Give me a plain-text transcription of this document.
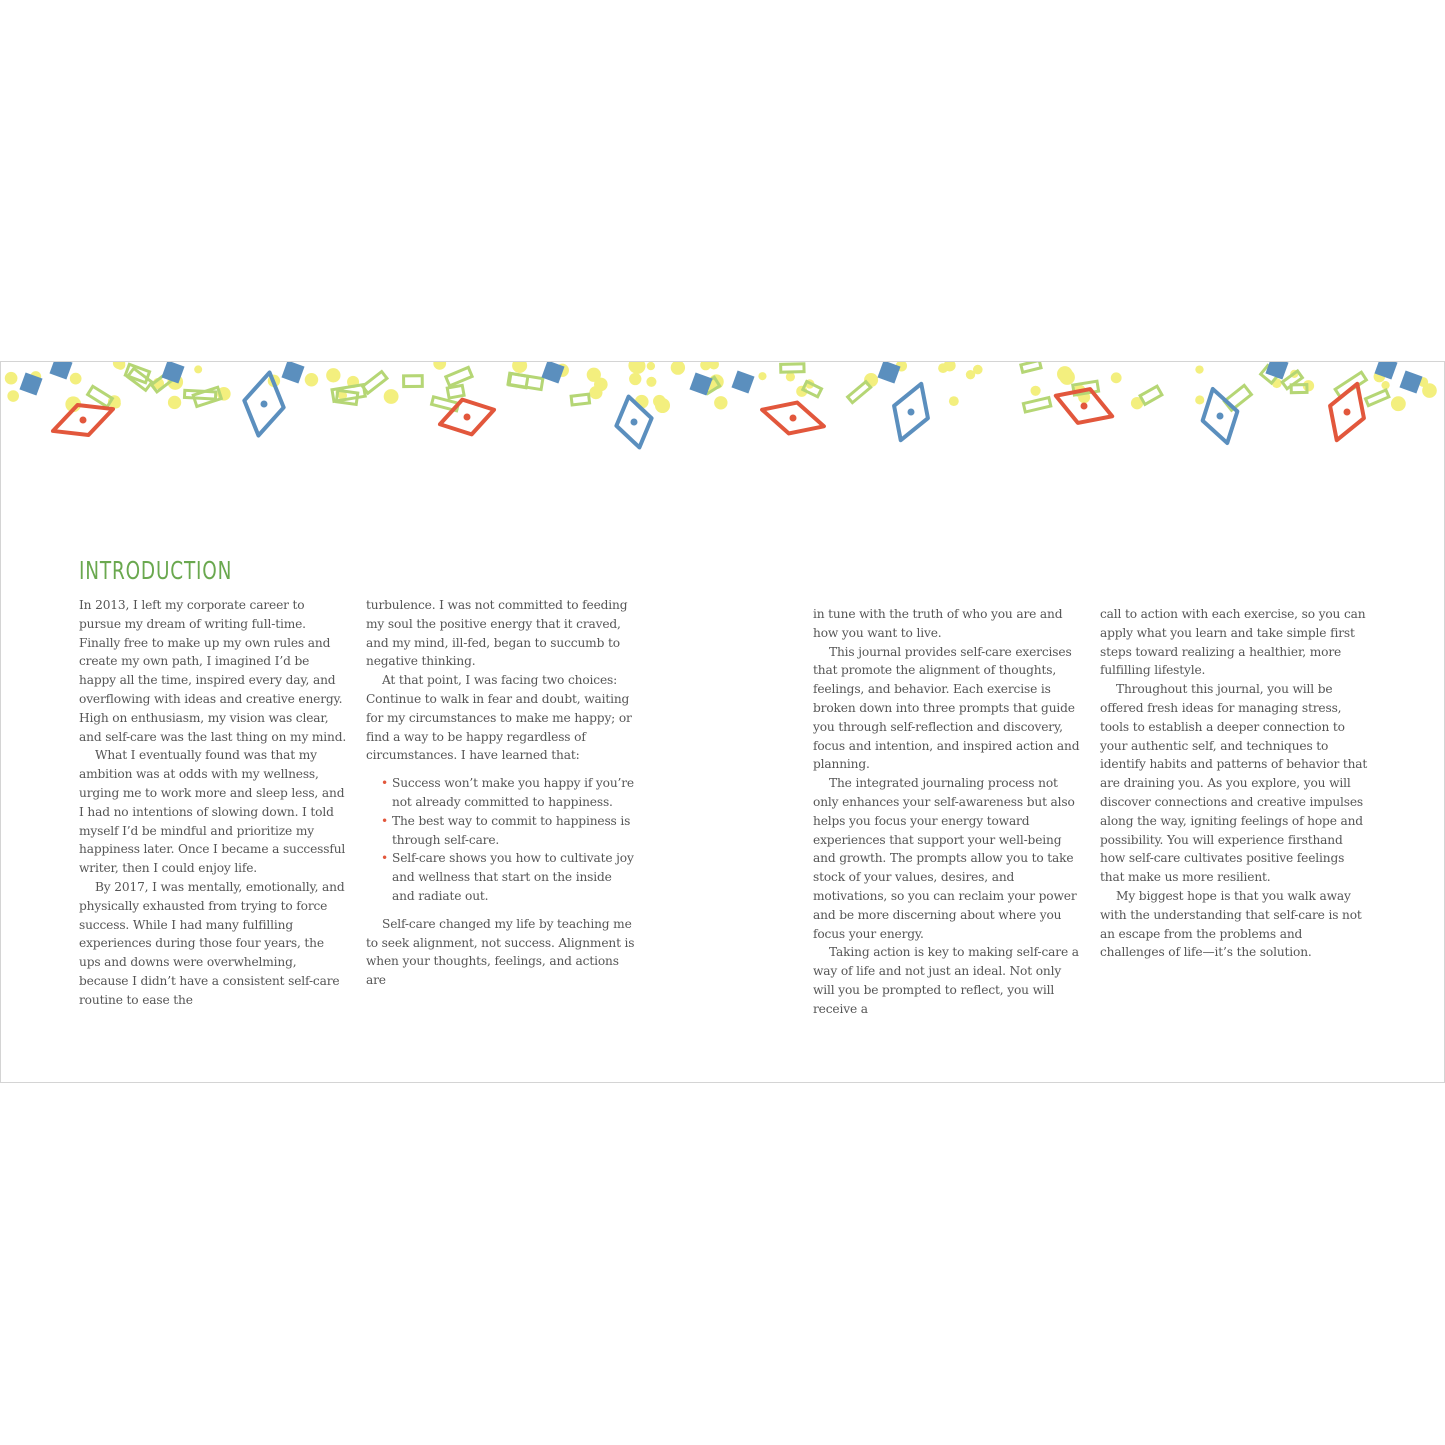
INTRODUCTION

In 2013, I left my corporate career to pursue my dream of writing full-time. Finally free to make up my own rules and create my own path, I imagined I’d be happy all the time, inspired every day, and overflowing with ideas and creative energy. High on enthusiasm, my vision was clear, and self-care was the last thing on my mind.

What I eventually found was that my ambition was at odds with my wellness, urging me to work more and sleep less, and I had no intentions of slowing down. I told myself I’d be mindful and prioritize my happiness later. Once I became a successful writer, then I could enjoy life.

By 2017, I was mentally, emotionally, and physically exhausted from trying to force success. While I had many fulfilling experiences during those four years, the ups and downs were overwhelming, because I didn’t have a consistent self-care routine to ease the

turbulence. I was not committed to feeding my soul the positive energy that it craved, and my mind, ill-fed, began to succumb to negative thinking.

At that point, I was facing two choices: Continue to walk in fear and doubt, waiting for my circumstances to make me happy; or find a way to be happy regardless of circumstances. I have learned that:

• Success won’t make you happy if you’re not already committed to happiness.
• The best way to commit to happiness is through self-care.
• Self-care shows you how to cultivate joy and wellness that start on the inside and radiate out.

Self-care changed my life by teaching me to seek alignment, not success. Alignment is when your thoughts, feelings, and actions are

in tune with the truth of who you are and how you want to live.

This journal provides self-care exercises that promote the alignment of thoughts, feelings, and behavior. Each exercise is broken down into three prompts that guide you through self-reflection and discovery, focus and intention, and inspired action and planning.

The integrated journaling process not only enhances your self-awareness but also helps you focus your energy toward experiences that support your well-being and growth. The prompts allow you to take stock of your values, desires, and motivations, so you can reclaim your power and be more discerning about where you focus your energy.

Taking action is key to making self-care a way of life and not just an ideal. Not only will you be prompted to reflect, you will receive a

call to action with each exercise, so you can apply what you learn and take simple first steps toward realizing a healthier, more fulfilling lifestyle.

Throughout this journal, you will be offered fresh ideas for managing stress, tools to establish a deeper connection to your authentic self, and techniques to identify habits and patterns of behavior that are draining you. As you explore, you will discover connections and creative impulses along the way, igniting feelings of hope and possibility. You will experience firsthand how self-care cultivates positive feelings that make us more resilient.

My biggest hope is that you walk away with the understanding that self-care is not an escape from the problems and challenges of life—it’s the solution.
